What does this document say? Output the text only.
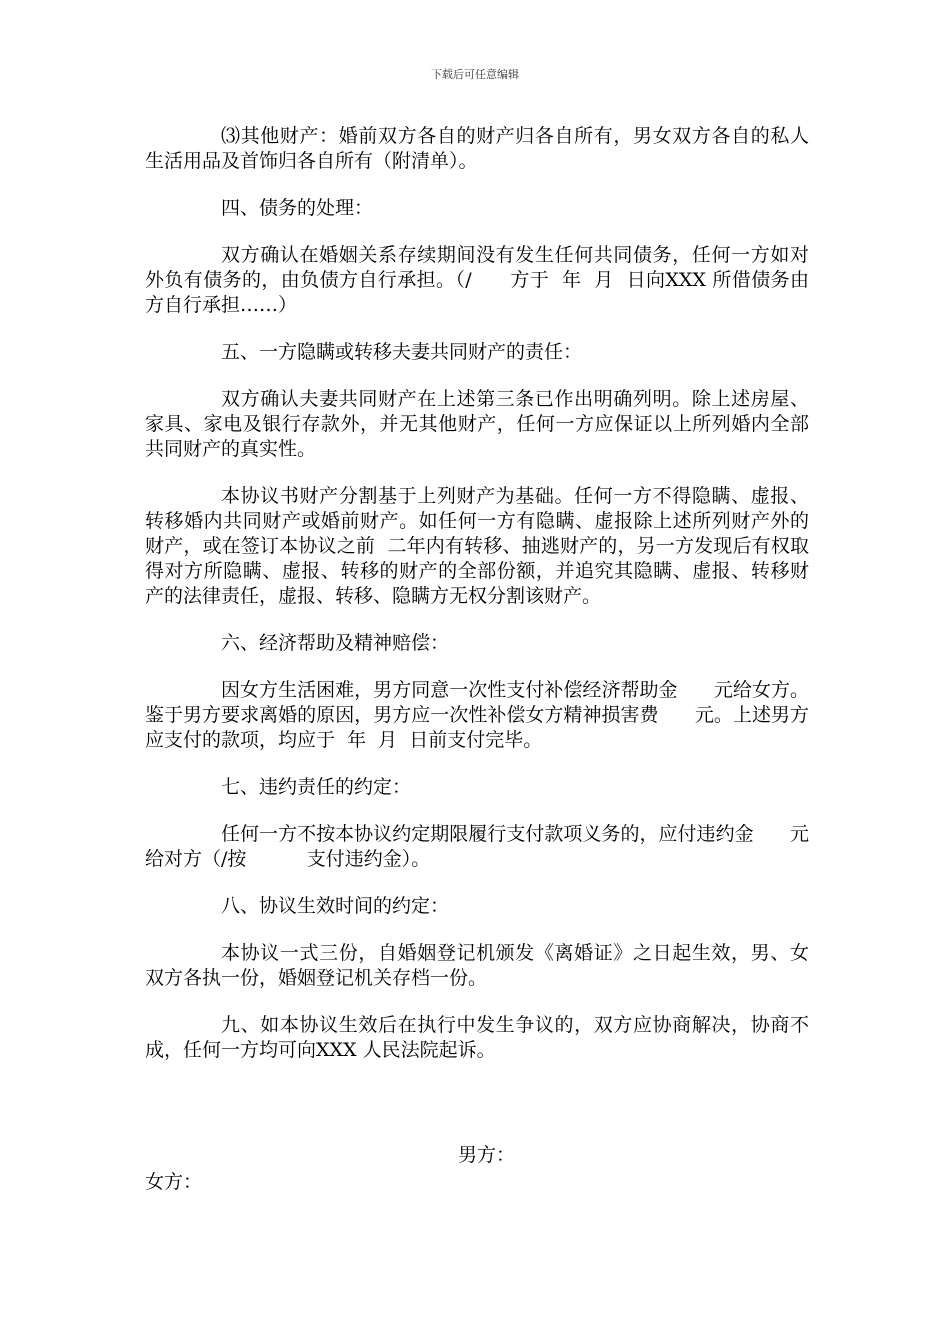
下载后可任意编辑

⑶其他财产：婚前双方各自的财产归各自所有，男女双方各自的私人生活用品及首饰归各自所有（附清单）。

四、债务的处理：

双方确认在婚姻关系存续期间没有发生任何共同债务，任何一方如对外负有债务的，由负债方自行承担。（/      方于  年  月  日向XXX 所借债务由  方自行承担……）

五、一方隐瞒或转移夫妻共同财产的责任：

双方确认夫妻共同财产在上述第三条已作出明确列明。除上述房屋、家具、家电及银行存款外，并无其他财产，任何一方应保证以上所列婚内全部共同财产的真实性。

本协议书财产分割基于上列财产为基础。任何一方不得隐瞒、虚报、转移婚内共同财产或婚前财产。如任何一方有隐瞒、虚报除上述所列财产外的财产，或在签订本协议之前  二年内有转移、抽逃财产的，另一方发现后有权取得对方所隐瞒、虚报、转移的财产的全部份额，并追究其隐瞒、虚报、转移财产的法律责任，虚报、转移、隐瞒方无权分割该财产。

六、经济帮助及精神赔偿：

因女方生活困难，男方同意一次性支付补偿经济帮助金      元给女方。鉴于男方要求离婚的原因，男方应一次性补偿女方精神损害费      元。上述男方应支付的款项，均应于  年  月  日前支付完毕。

七、违约责任的约定：

任何一方不按本协议约定期限履行支付款项义务的，应付违约金      元给对方（/按          支付违约金）。

八、协议生效时间的约定：

本协议一式三份，自婚姻登记机颁发《离婚证》之日起生效，男、女双方各执一份，婚姻登记机关存档一份。

九、如本协议生效后在执行中发生争议的，双方应协商解决，协商不成，任何一方均可向XXX 人民法院起诉。

男方：
女方：
